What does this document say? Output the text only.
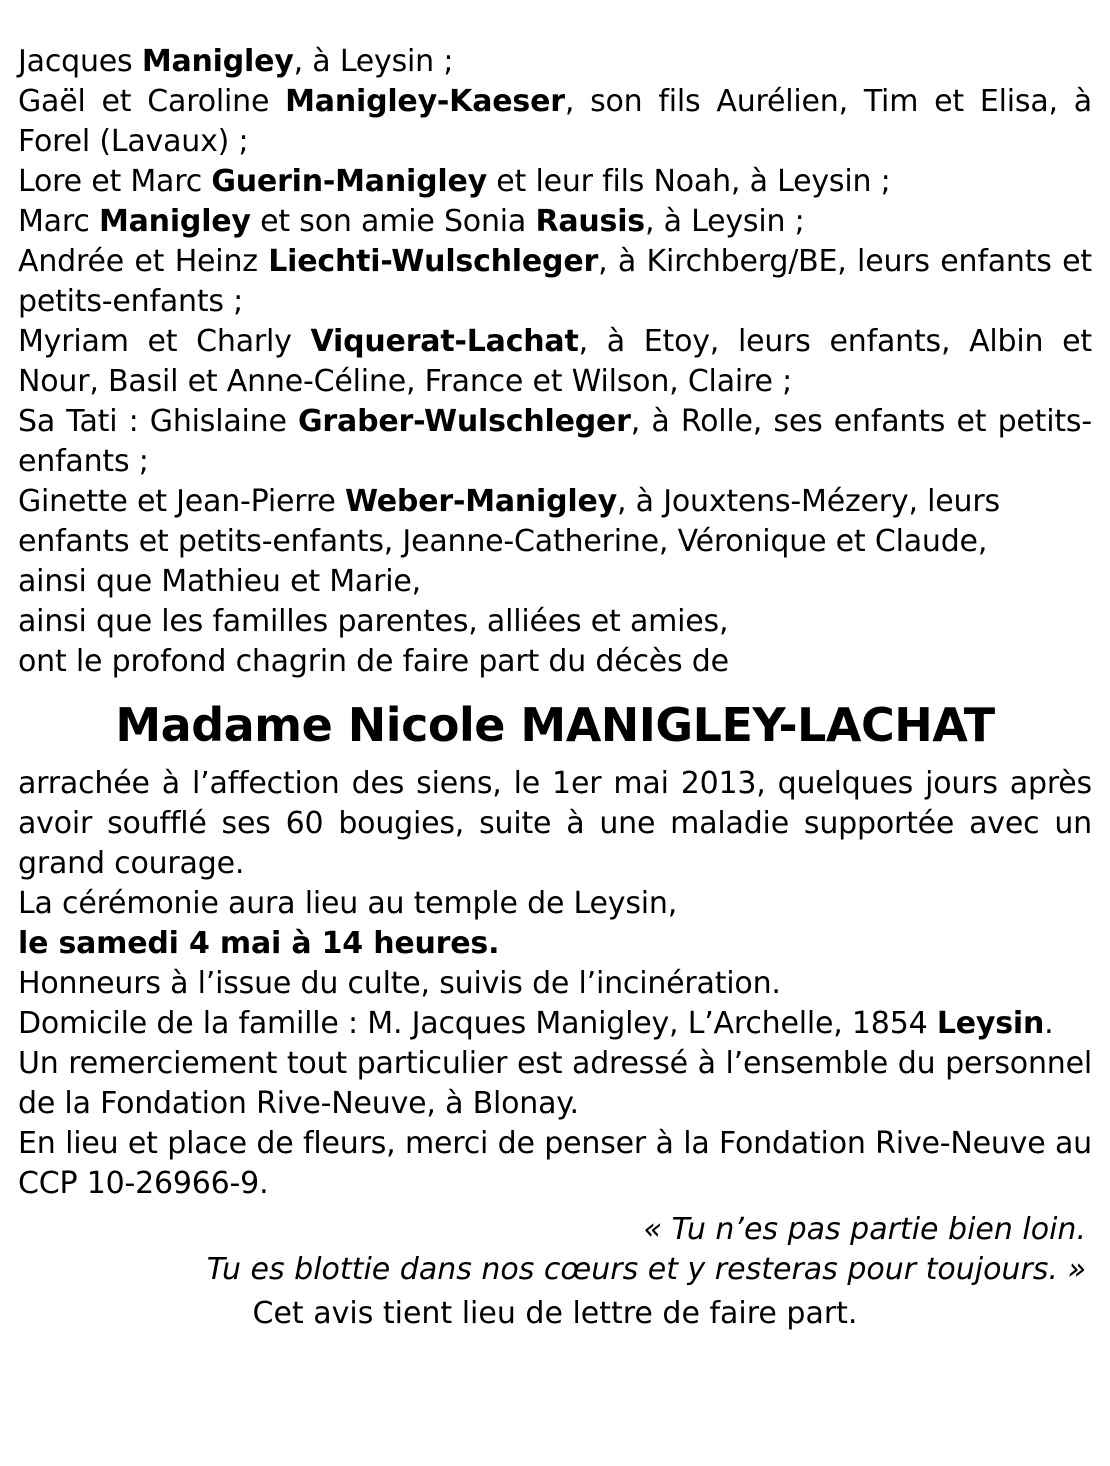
Jacques Manigley, à Leysin ;
Gaël et Caroline Manigley-Kaeser, son fils Aurélien, Tim et Elisa, à Forel (Lavaux) ;
Lore et Marc Guerin-Manigley et leur fils Noah, à Leysin ;
Marc Manigley et son amie Sonia Rausis, à Leysin ;
Andrée et Heinz Liechti-Wulschleger, à Kirchberg/BE, leurs enfants et petits-enfants ;
Myriam et Charly Viquerat-Lachat, à Etoy, leurs enfants, Albin et Nour, Basil et Anne-Céline, France et Wilson, Claire ;
Sa Tati : Ghislaine Graber-Wulschleger, à Rolle, ses enfants et petits-enfants ;
Ginette et Jean-Pierre Weber-Manigley, à Jouxtens-Mézery, leurs
enfants et petits-enfants, Jeanne-Catherine, Véronique et Claude,
ainsi que Mathieu et Marie,
ainsi que les familles parentes, alliées et amies,
ont le profond chagrin de faire part du décès de
Madame Nicole MANIGLEY-LACHAT
arrachée à l’affection des siens, le 1er mai 2013, quelques jours après avoir soufflé ses 60 bougies, suite à une maladie supportée avec un grand courage.
La cérémonie aura lieu au temple de Leysin,
le samedi 4 mai à 14 heures.
Honneurs à l’issue du culte, suivis de l’incinération.
Domicile de la famille : M. Jacques Manigley, L’Archelle, 1854 Leysin.
Un remerciement tout particulier est adressé à l’ensemble du personnel de la Fondation Rive-Neuve, à Blonay.
En lieu et place de fleurs, merci de penser à la Fondation Rive-Neuve au CCP 10-26966-9.
« Tu n’es pas partie bien loin.
Tu es blottie dans nos cœurs et y resteras pour toujours. »
Cet avis tient lieu de lettre de faire part.
